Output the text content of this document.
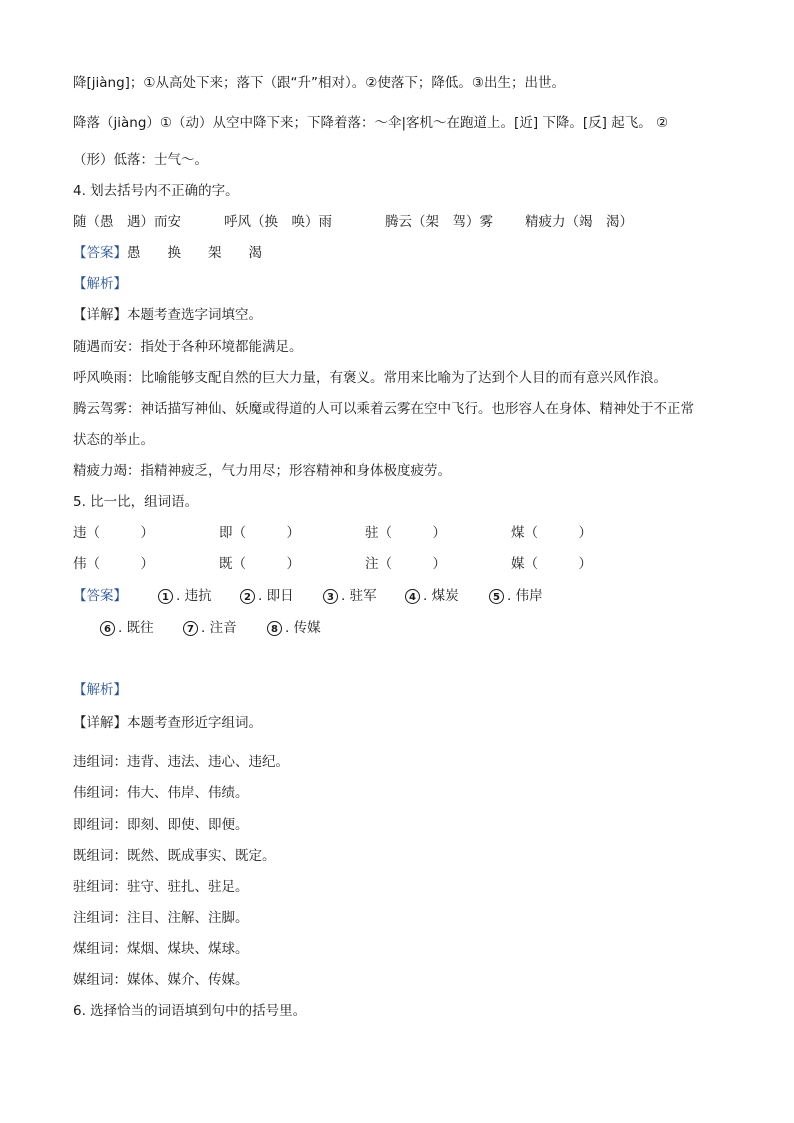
降[jiàng]；①从高处下来；落下（跟“升”相对）。②使落下；降低。③出生；出世。
降落（jiàng）①（动）从空中降下来；下降着落：～伞|客机～在跑道上。[近] 下降。[反] 起飞。 ②
（形）低落：士气～。
4. 划去括号内不正确的字。
随（愚　遇）而安	呼风（换　唤）雨	腾云（架　驾）雾 精疲力（竭　渴）
【答案】愚　　换　　架　　渴
【解析】
【详解】本题考查选字词填空。
随遇而安：指处于各种环境都能满足。
呼风唤雨：比喻能够支配自然的巨大力量，有褒义。常用来比喻为了达到个人目的而有意兴风作浪。
腾云驾雾：神话描写神仙、妖魔或得道的人可以乘着云雾在空中飞行。也形容人在身体、精神处于不正常
状态的举止。
精疲力竭：指精神疲乏，气力用尽；形容精神和身体极度疲劳。
5. 比一比，组词语。
违（　　　）	即（　　　）	驻（　　　）	煤（　　　）
伟（　　　）	既（　　　）	注（　　　）	媒（　　　）
【答案】	1 . 违抗	2 . 即日	3 . 驻军	4 . 煤炭	5 . 伟岸
6 . 既往	7 . 注音	8 . 传媒
【解析】
【详解】本题考查形近字组词。
违组词：违背、违法、违心、违纪。
伟组词：伟大、伟岸、伟绩。
即组词：即刻、即使、即便。
既组词：既然、既成事实、既定。
驻组词：驻守、驻扎、驻足。
注组词：注目、注解、注脚。
煤组词：煤烟、煤块、煤球。
媒组词：媒体、媒介、传媒。
6. 选择恰当的词语填到句中的括号里。
